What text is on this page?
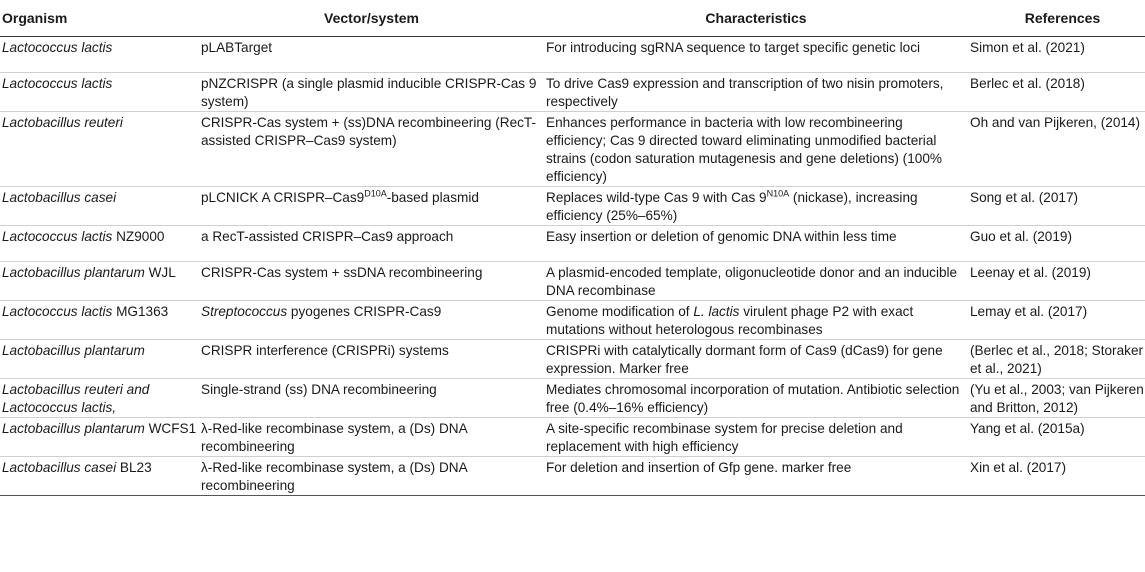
Organism	Vector/system	Characteristics	References
Lactococcus lactis	pLABTarget	For introducing sgRNA sequence to target specific genetic loci	Simon et al. (2021)
Lactococcus lactis	pNZCRISPR (a single plasmid inducible CRISPR-Cas 9 system)	To drive Cas9 expression and transcription of two nisin promoters, respectively	Berlec et al. (2018)
Lactobacillus reuteri	CRISPR-Cas system + (ss)DNA recombineering (RecT-assisted CRISPR–Cas9 system)	Enhances performance in bacteria with low recombineering efficiency; Cas 9 directed toward eliminating unmodified bacterial strains (codon saturation mutagenesis and gene deletions) (100% efficiency)	Oh and van Pijkeren, (2014)
Lactobacillus casei	pLCNICK A CRISPR–$Cas9^{D10A}$-based plasmid	Replaces wild-type Cas 9 with Cas $9^{N10A}$ (nickase), increasing efficiency (25%–65%)	Song et al. (2017)
Lactococcus lactis NZ9000	a RecT-assisted CRISPR–Cas9 approach	Easy insertion or deletion of genomic DNA within less time	Guo et al. (2019)
Lactobacillus plantarum WJL	CRISPR-Cas system + ssDNA recombineering	A plasmid-encoded template, oligonucleotide donor and an inducible DNA recombinase	Leenay et al. (2019)
Lactococcus lactis MG1363	Streptococcus pyogenes CRISPR-Cas9	Genome modification of L. lactis virulent phage P2 with exact mutations without heterologous recombinases	Lemay et al. (2017)
Lactobacillus plantarum	CRISPR interference (CRISPRi) systems	CRISPRi with catalytically dormant form of Cas9 (dCas9) for gene expression. Marker free	(Berlec et al., 2018; Storaker et al., 2021)
Lactobacillus reuteri and Lactococcus lactis,	Single-strand (ss) DNA recombineering	Mediates chromosomal incorporation of mutation. Antibiotic selection free (0.4%–16% efficiency)	(Yu et al., 2003; van Pijkeren and Britton, 2012)
Lactobacillus plantarum WCFS1	λ-Red-like recombinase system, a (Ds) DNA recombineering	A site-specific recombinase system for precise deletion and replacement with high efficiency	Yang et al. (2015a)
Lactobacillus casei BL23	λ-Red-like recombinase system, a (Ds) DNA recombineering	For deletion and insertion of Gfp gene. marker free	Xin et al. (2017)
